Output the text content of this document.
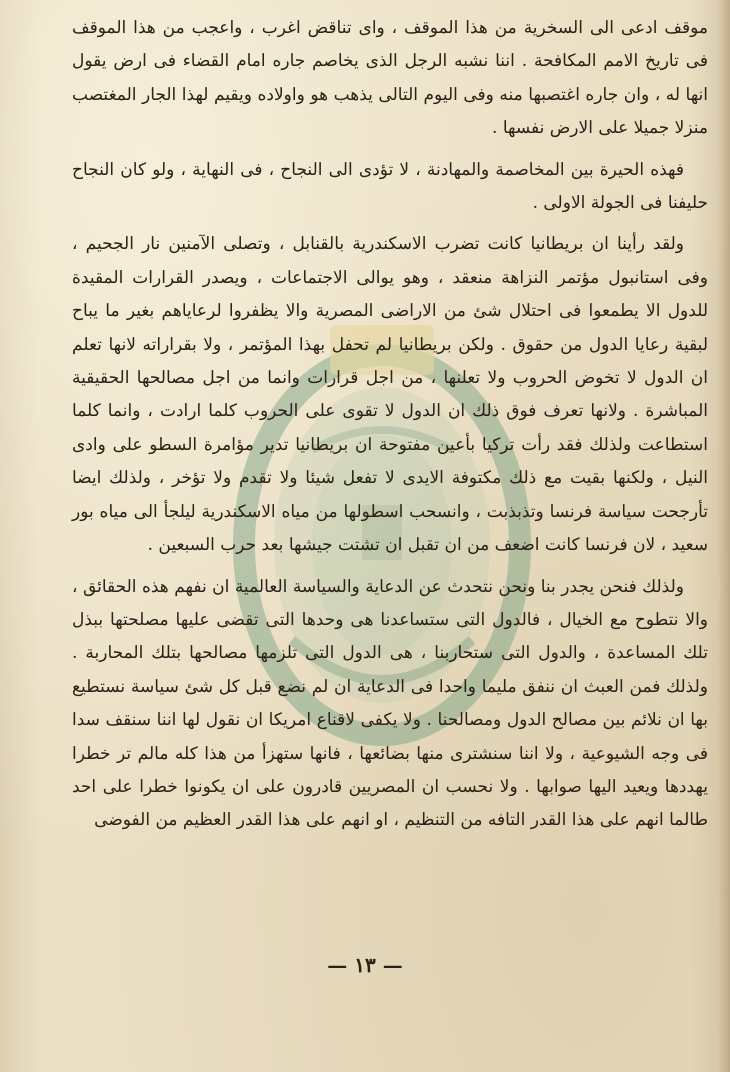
موقف ادعى الى السخرية من هذا الموقف ، واى تناقض اغرب ، واعجب من هذا الموقف فى تاريخ الامم المكافحة . اننا نشبه الرجل الذى يخاصم جاره امام القضاء فى ارض يقول انها له ، وان جاره اغتصبها منه وفى اليوم التالى يذهب هو واولاده ويقيم لهذا الجار المغتصب منزلا جميلا على الارض نفسها .

فهذه الحيرة بين المخاصمة والمهادنة ، لا تؤدى الى النجاح ، فى النهاية ، ولو كان النجاح حليفنا فى الجولة الاولى .

ولقد رأينا ان بريطانيا كانت تضرب الاسكندرية بالقنابل ، وتصلى الآمنين نار الجحيم ، وفى استانبول مؤتمر النزاهة منعقد ، وهو يوالى الاجتماعات ، ويصدر القرارات المقيدة للدول الا يطمعوا فى احتلال شئ من الاراضى المصرية والا يظفروا لرعاياهم بغير ما يباح لبقية رعايا الدول من حقوق . ولكن بريطانيا لم تحفل بهذا المؤتمر ، ولا بقراراته لانها تعلم ان الدول لا تخوض الحروب ولا تعلنها ، من اجل قرارات وانما من اجل مصالحها الحقيقية المباشرة . ولانها تعرف فوق ذلك ان الدول لا تقوى على الحروب كلما ارادت ، وانما كلما استطاعت ولذلك فقد رأت تركيا بأعين مفتوحة ان بريطانيا تدير مؤامرة السطو على وادى النيل ، ولكنها بقيت مع ذلك مكتوفة الايدى لا تفعل شيئا ولا تقدم ولا تؤخر ، ولذلك ايضا تأرجحت سياسة فرنسا وتذبذبت ، وانسحب اسطولها من مياه الاسكندرية ليلجأ الى مياه بور سعيد ، لان فرنسا كانت اضعف من ان تقبل ان تشتت جيشها بعد حرب السبعين .

ولذلك فنحن يجدر بنا ونحن نتحدث عن الدعاية والسياسة العالمية ان نفهم هذه الحقائق ، والا نتطوح مع الخيال ، فالدول التى ستساعدنا هى وحدها التى تقضى عليها مصلحتها ببذل تلك المساعدة ، والدول التى ستحاربنا ، هى الدول التى تلزمها مصالحها بتلك المحاربة . ولذلك فمن العبث ان ننفق مليما واحدا فى الدعاية ان لم نضع قبل كل شئ سياسة نستطيع بها ان نلائم بين مصالح الدول ومصالحنا . ولا يكفى لاقناع امريكا ان نقول لها اننا سنقف سدا فى وجه الشيوعية ، ولا اننا سنشترى منها بضائعها ، فانها ستهزأ من هذا كله مالم تر خطرا يهددها ويعيد اليها صوابها . ولا نحسب ان المصريين قادرون على ان يكونوا خطرا على احد طالما انهم على هذا القدر التافه من التنظيم ، او انهم على هذا القدر العظيم من الفوضى

— ١٣ —
